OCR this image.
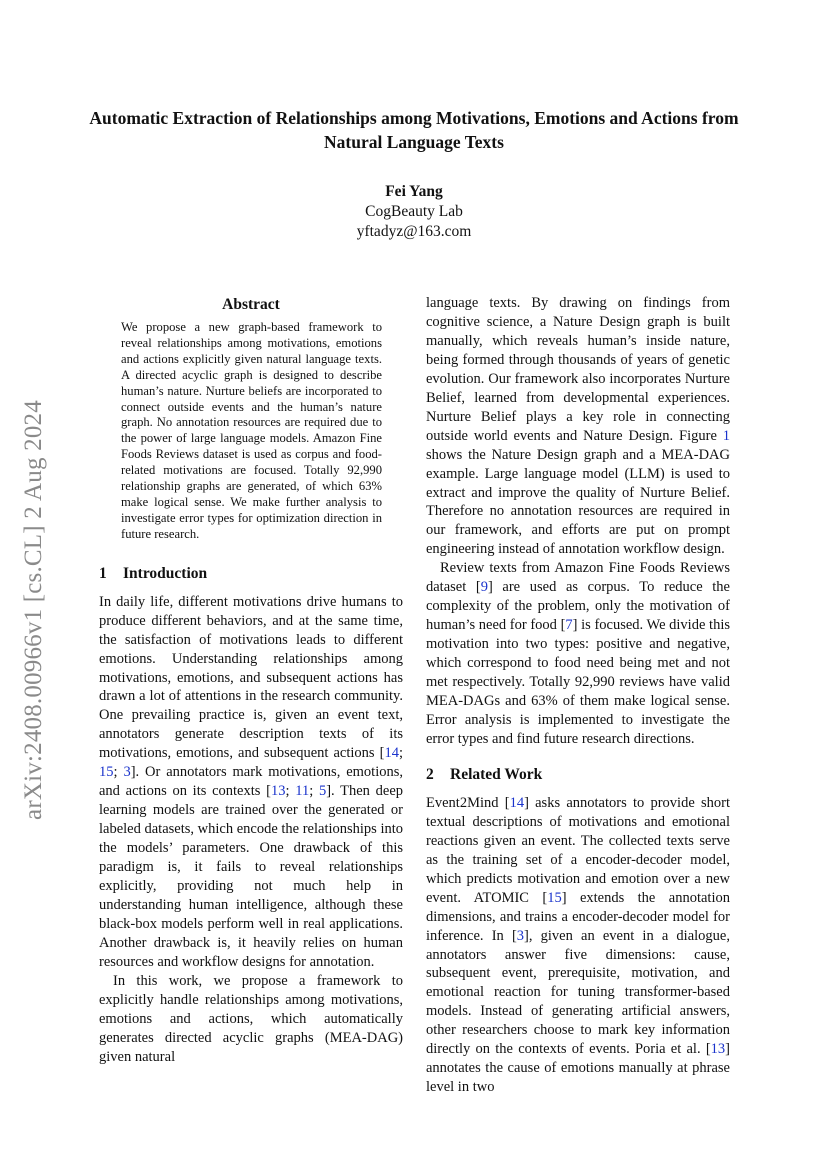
Automatic Extraction of Relationships among Motivations, Emotions and Actions from Natural Language Texts
Fei Yang
CogBeauty Lab
yftadyz@163.com
arXiv:2408.00966v1 [cs.CL] 2 Aug 2024
Abstract

We propose a new graph-based framework to reveal relationships among motivations, emotions and actions explicitly given natural language texts. A directed acyclic graph is designed to describe human’s nature. Nurture beliefs are incorporated to connect outside events and the human’s nature graph. No annotation resources are required due to the power of large language models. Amazon Fine Foods Reviews dataset is used as corpus and food-related motivations are focused. Totally 92,990 relationship graphs are generated, of which 63% make logical sense. We make further analysis to investigate error types for optimization direction in future research.

1 Introduction

In daily life, different motivations drive humans to produce different behaviors, and at the same time, the satisfaction of motivations leads to different emotions. Understanding relationships among motivations, emotions, and subsequent actions has drawn a lot of attentions in the research community. One prevailing practice is, given an event text, annotators generate description texts of its motivations, emotions, and subsequent actions [14; 15; 3]. Or annotators mark motivations, emotions, and actions on its contexts [13; 11; 5]. Then deep learning models are trained over the generated or labeled datasets, which encode the relationships into the models’ parameters. One drawback of this paradigm is, it fails to reveal relationships explicitly, providing not much help in understanding human intelligence, although these black-box models perform well in real applications. Another drawback is, it heavily relies on human resources and workflow designs for annotation.

In this work, we propose a framework to explicitly handle relationships among motivations, emotions and actions, which automatically generates directed acyclic graphs (MEA-DAG) given natural

language texts. By drawing on findings from cognitive science, a Nature Design graph is built manually, which reveals human’s inside nature, being formed through thousands of years of genetic evolution. Our framework also incorporates Nurture Belief, learned from developmental experiences. Nurture Belief plays a key role in connecting outside world events and Nature Design. Figure 1 shows the Nature Design graph and a MEA-DAG example. Large language model (LLM) is used to extract and improve the quality of Nurture Belief. Therefore no annotation resources are required in our framework, and efforts are put on prompt engineering instead of annotation workflow design.

Review texts from Amazon Fine Foods Reviews dataset [9] are used as corpus. To reduce the complexity of the problem, only the motivation of human’s need for food [7] is focused. We divide this motivation into two types: positive and negative, which correspond to food need being met and not met respectively. Totally 92,990 reviews have valid MEA-DAGs and 63% of them make logical sense. Error analysis is implemented to investigate the error types and find future research directions.

2 Related Work

Event2Mind [14] asks annotators to provide short textual descriptions of motivations and emotional reactions given an event. The collected texts serve as the training set of a encoder-decoder model, which predicts motivation and emotion over a new event. ATOMIC [15] extends the annotation dimensions, and trains a encoder-decoder model for inference. In [3], given an event in a dialogue, annotators answer five dimensions: cause, subsequent event, prerequisite, motivation, and emotional reaction for tuning transformer-based models. Instead of generating artificial answers, other researchers choose to mark key information directly on the contexts of events. Poria et al. [13] annotates the cause of emotions manually at phrase level in two
